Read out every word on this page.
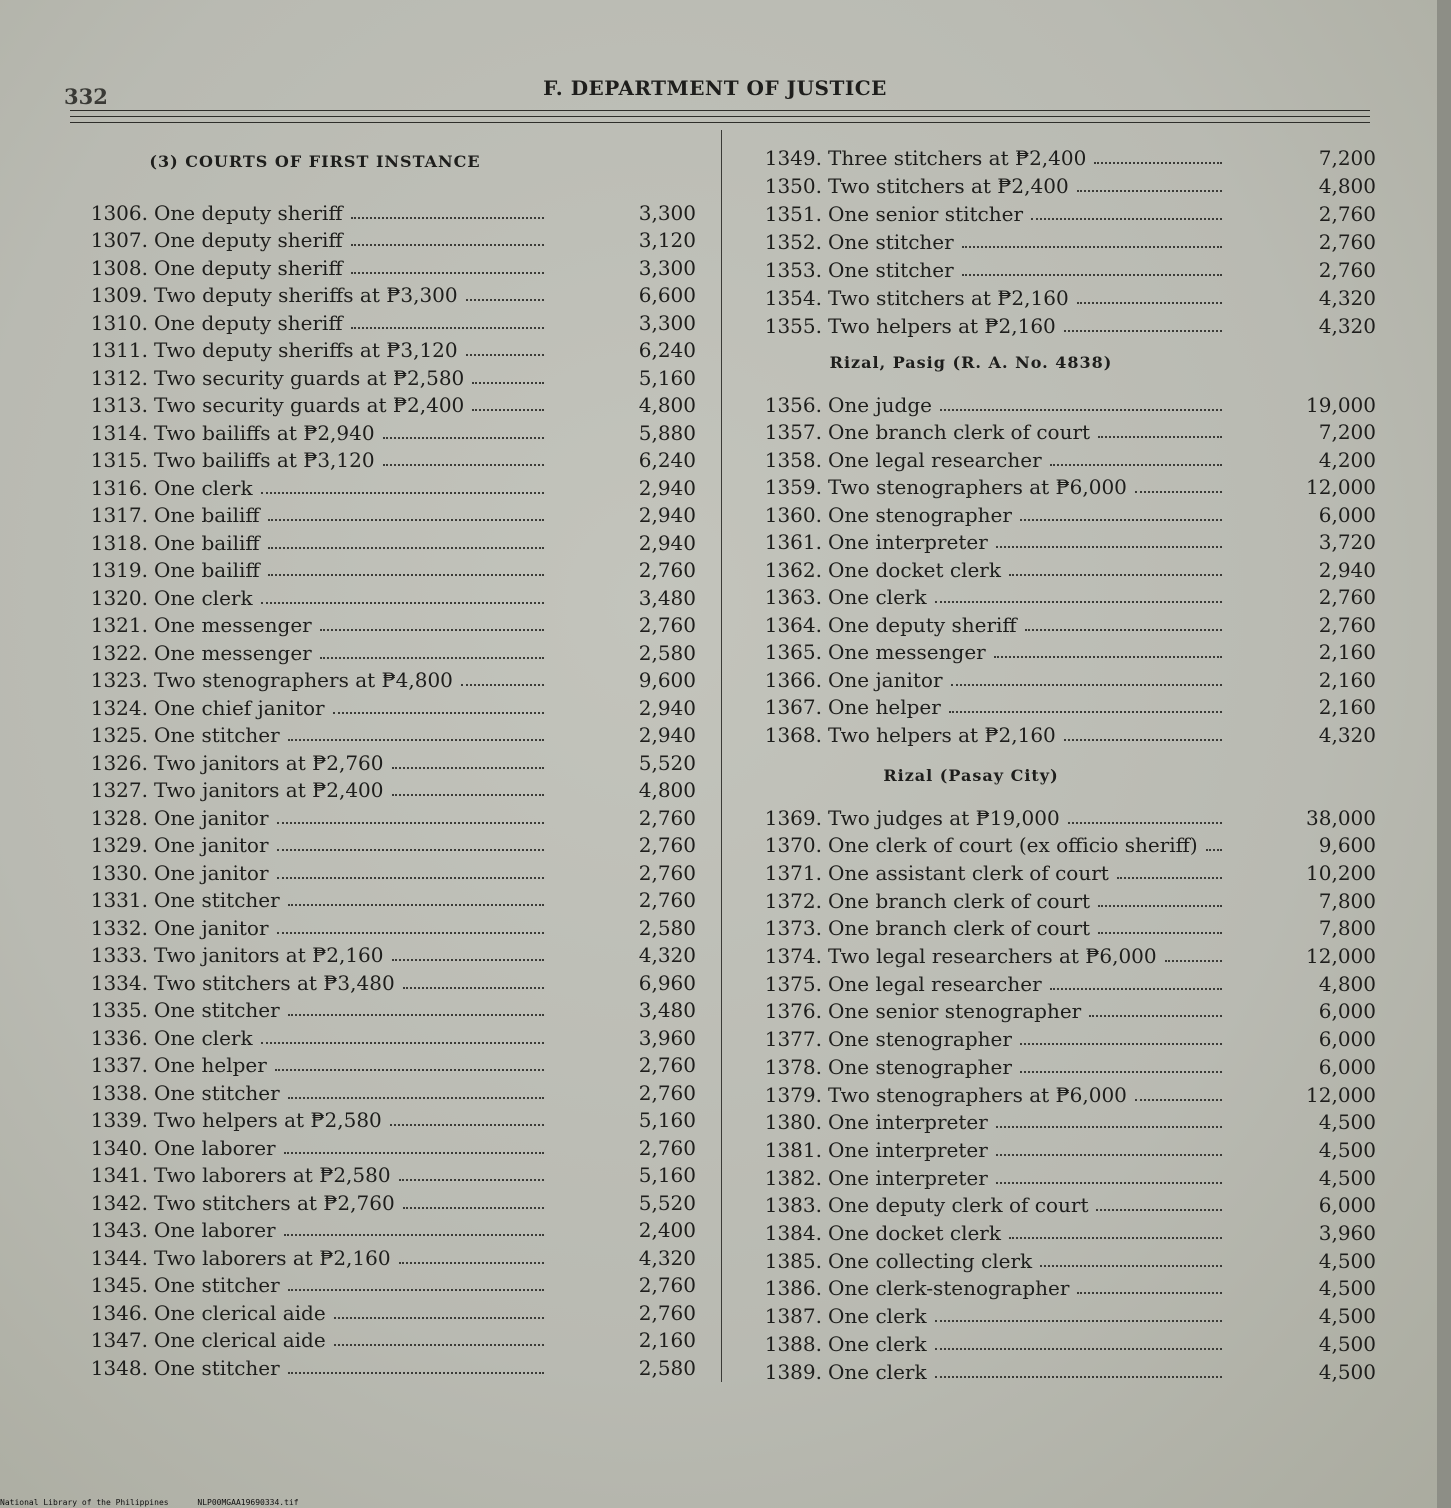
332	F. DEPARTMENT OF JUSTICE
(3) COURTS OF FIRST INSTANCE
1306. One deputy sheriff	3,300
1307. One deputy sheriff	3,120
1308. One deputy sheriff	3,300
1309. Two deputy sheriffs at ₱3,300	6,600
1310. One deputy sheriff	3,300
1311. Two deputy sheriffs at ₱3,120	6,240
1312. Two security guards at ₱2,580	5,160
1313. Two security guards at ₱2,400	4,800
1314. Two bailiffs at ₱2,940	5,880
1315. Two bailiffs at ₱3,120	6,240
1316. One clerk	2,940
1317. One bailiff	2,940
1318. One bailiff	2,940
1319. One bailiff	2,760
1320. One clerk	3,480
1321. One messenger	2,760
1322. One messenger	2,580
1323. Two stenographers at ₱4,800	9,600
1324. One chief janitor	2,940
1325. One stitcher	2,940
1326. Two janitors at ₱2,760	5,520
1327. Two janitors at ₱2,400	4,800
1328. One janitor	2,760
1329. One janitor	2,760
1330. One janitor	2,760
1331. One stitcher	2,760
1332. One janitor	2,580
1333. Two janitors at ₱2,160	4,320
1334. Two stitchers at ₱3,480	6,960
1335. One stitcher	3,480
1336. One clerk	3,960
1337. One helper	2,760
1338. One stitcher	2,760
1339. Two helpers at ₱2,580	5,160
1340. One laborer	2,760
1341. Two laborers at ₱2,580	5,160
1342. Two stitchers at ₱2,760	5,520
1343. One laborer	2,400
1344. Two laborers at ₱2,160	4,320
1345. One stitcher	2,760
1346. One clerical aide	2,760
1347. One clerical aide	2,160
1348. One stitcher	2,580
1349. Three stitchers at ₱2,400	7,200
1350. Two stitchers at ₱2,400	4,800
1351. One senior stitcher	2,760
1352. One stitcher	2,760
1353. One stitcher	2,760
1354. Two stitchers at ₱2,160	4,320
1355. Two helpers at ₱2,160	4,320
Rizal, Pasig (R. A. No. 4838)
1356. One judge	19,000
1357. One branch clerk of court	7,200
1358. One legal researcher	4,200
1359. Two stenographers at ₱6,000	12,000
1360. One stenographer	6,000
1361. One interpreter	3,720
1362. One docket clerk	2,940
1363. One clerk	2,760
1364. One deputy sheriff	2,760
1365. One messenger	2,160
1366. One janitor	2,160
1367. One helper	2,160
1368. Two helpers at ₱2,160	4,320
Rizal (Pasay City)
1369. Two judges at ₱19,000	38,000
1370. One clerk of court (ex officio sheriff)	9,600
1371. One assistant clerk of court	10,200
1372. One branch clerk of court	7,800
1373. One branch clerk of court	7,800
1374. Two legal researchers at ₱6,000	12,000
1375. One legal researcher	4,800
1376. One senior stenographer	6,000
1377. One stenographer	6,000
1378. One stenographer	6,000
1379. Two stenographers at ₱6,000	12,000
1380. One interpreter	4,500
1381. One interpreter	4,500
1382. One interpreter	4,500
1383. One deputy clerk of court	6,000
1384. One docket clerk	3,960
1385. One collecting clerk	4,500
1386. One clerk-stenographer	4,500
1387. One clerk	4,500
1388. One clerk	4,500
1389. One clerk	4,500
National Library of the Philippines	NLP00MGAA19690334.tif
